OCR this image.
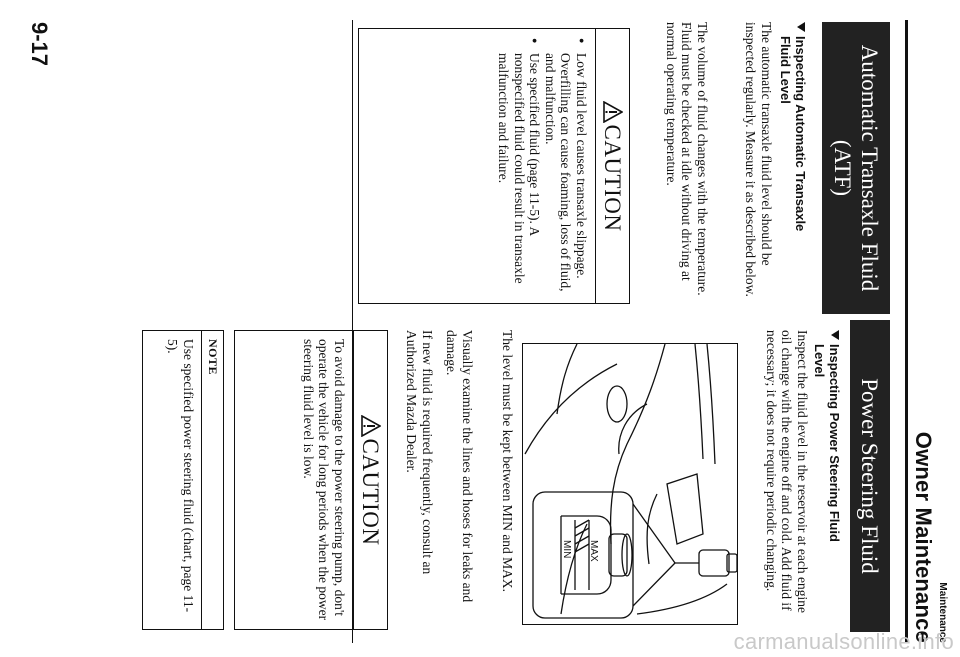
Maintenance
Owner Maintenance
Automatic Transaxle Fluid
(ATF)
Inspecting Automatic Transaxle
Fluid Level

The automatic transaxle fluid level should be inspected regularly. Measure it as described below.

The volume of fluid changes with the temperature. Fluid must be checked at idle without driving at normal operating temperature.

CAUTION
● Low fluid level causes transaxle slippage. Overfilling can cause foaming, loss of fluid, and malfunction.
● Use specified fluid (page 11-5). A nonspecified fluid could result in transaxle malfunction and failure.
Power Steering Fluid
Inspecting Power Steering Fluid
Level

Inspect the fluid level in the reservoir at each engine oil change with the engine off and cold. Add fluid if necessary; it does not require periodic changing.

MAX
MIN

The level must be kept between MIN and MAX.

Visually examine the lines and hoses for leaks and damage.

If new fluid is required frequently, consult an Authorized Mazda Dealer.

CAUTION
To avoid damage to the power steering pump, don't operate the vehicle for long periods when the power steering fluid level is low.
NOTE
Use specified power steering fluid (chart, page 11-5).
9-17
carmanualsonline.info
